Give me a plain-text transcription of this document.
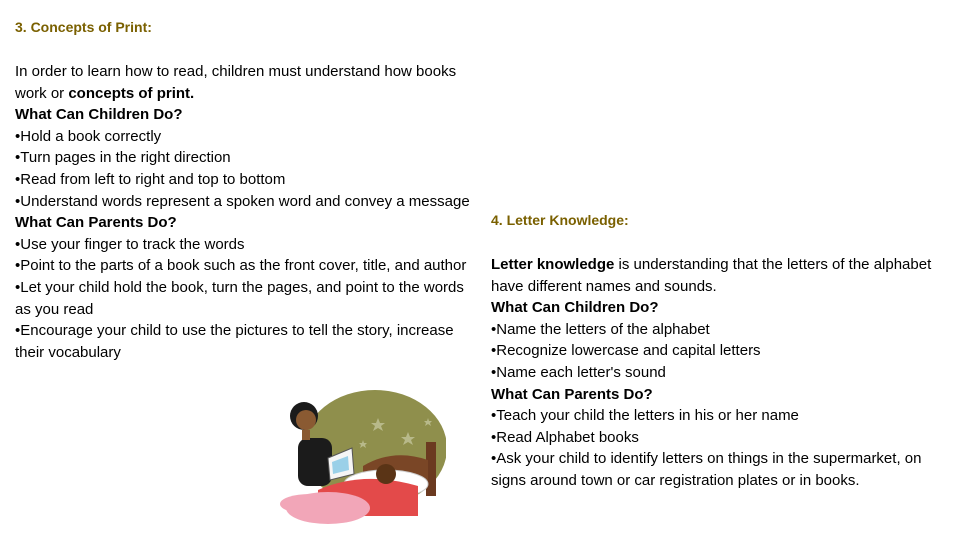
3. Concepts of Print:
In order to learn how to read, children must understand how books work or concepts of print.
What Can Children Do?
•Hold a book correctly
•Turn pages in the right direction
•Read from left to right and top to bottom
•Understand words represent a spoken word and convey a message
What Can Parents Do?
•Use your finger to track the words
•Point to the parts of a book such as the front cover, title, and author
•Let your child hold the book, turn the pages, and point to the words as you read
•Encourage your child to use the pictures to tell the story, increase their vocabulary
4. Letter Knowledge:
Letter knowledge is understanding that the letters of the alphabet have different names and sounds.
What Can Children Do?
•Name the letters of the alphabet
•Recognize lowercase and capital letters
•Name each letter's sound
What Can Parents Do?
•Teach your child the letters in his or her name
•Read Alphabet books
•Ask your child to identify letters on things in the supermarket, on signs around town or car registration plates or in books.
